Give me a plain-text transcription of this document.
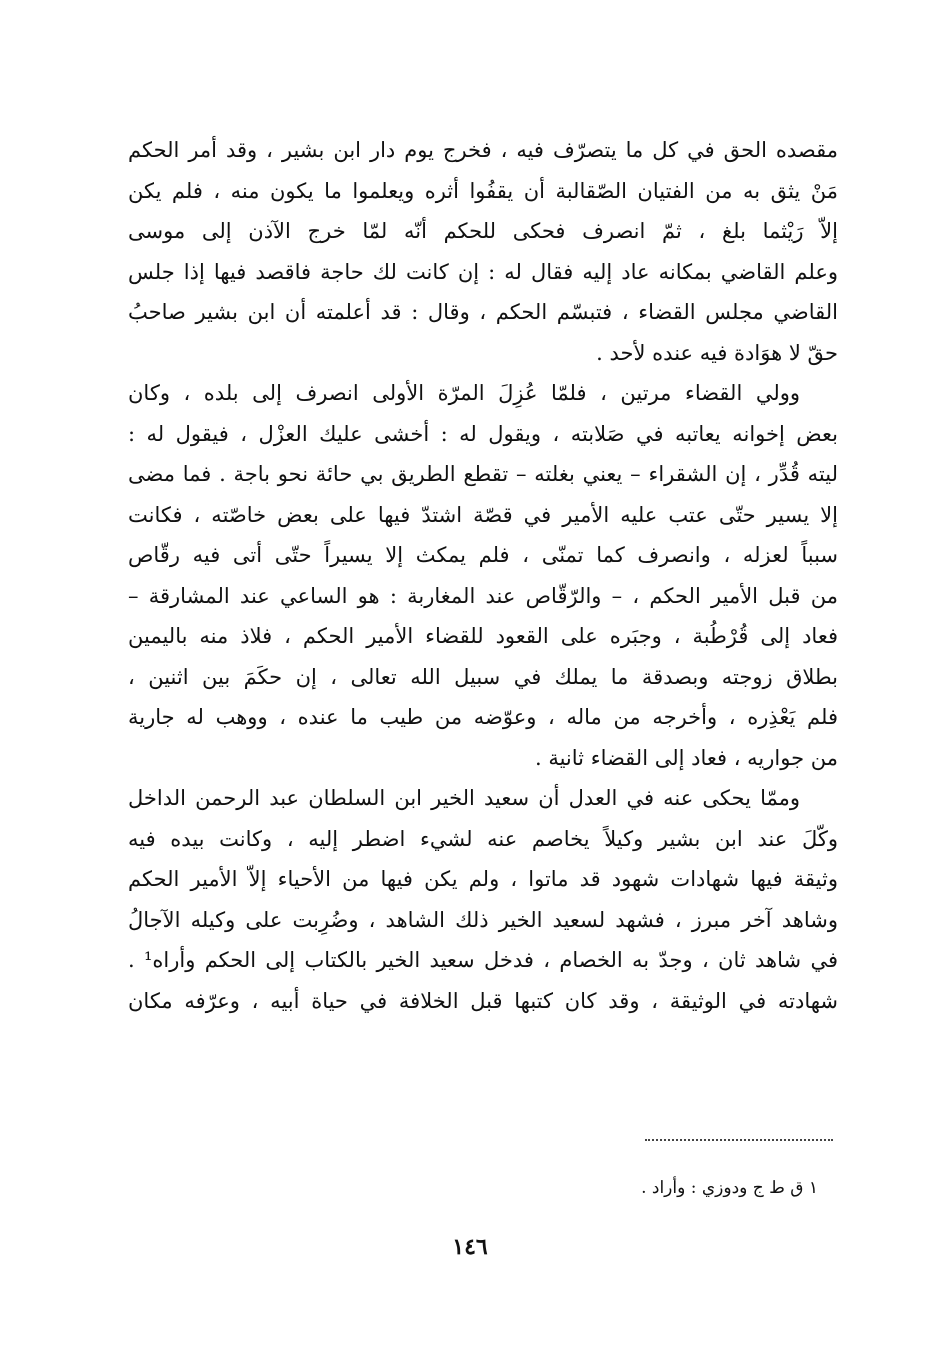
مقصده الحق في كل ما يتصرّف فيه ، فخرج يوم دار ابن بشير ، وقد أمر الحكم
مَنْ يثق به من الفتيان الصّقالبة أن يقفُوا أثره ويعلموا ما يكون منه ، فلم يكن
إلاّ رَيْثما بلغ ، ثمّ انصرف فحكى للحكم أنّه لمّا خرج الآذن إلى موسى
وعلم القاضي بمكانه عاد إليه فقال له : إن كانت لك حاجة فاقصد فيها إذا جلس
القاضي مجلس القضاء ، فتبسّم الحكم ، وقال : قد أعلمته أن ابن بشير صاحبُ
حقّ لا هوَادة فيه عنده لأحد .
وولي القضاء مرتين ، فلمّا عُزِلَ المرّة الأولى انصرف إلى بلده ، وكان
بعض إخوانه يعاتبه في صَلابته ، ويقول له : أخشى عليك العزْل ، فيقول له :
ليته قُدِّر ، إن الشقراء – يعني بغلته – تقطع الطريق بي حائة نحو باجة . فما مضى
إلا يسير حتّى عتب عليه الأمير في قصّة اشتدّ فيها على بعض خاصّته ، فكانت
سبباً لعزله ، وانصرف كما تمنّى ، فلم يمكث إلا يسيراً حتّى أتى فيه رقّاص
من قبل الأمير الحكم ، – والرّقّاص عند المغاربة : هو الساعي عند المشارقة –
فعاد إلى قُرْطُبة ، وجبَره على القعود للقضاء الأمير الحكم ، فلاذ منه باليمين
بطلاق زوجته وبصدقة ما يملك في سبيل الله تعالى ، إن حكَمَ بين اثنين ،
فلم يَعْذِره ، وأخرجه من ماله ، وعوّضه من طيب ما عنده ، ووهب له جارية
من جواريه ، فعاد إلى القضاء ثانية .
وممّا يحكى عنه في العدل أن سعيد الخير ابن السلطان عبد الرحمن الداخل
وكّلَ عند ابن بشير وكيلاً يخاصم عنه لشيء اضطر إليه ، وكانت بيده فيه
وثيقة فيها شهادات شهود قد ماتوا ، ولم يكن فيها من الأحياء إلاّ الأمير الحكم
وشاهد آخر مبرز ، فشهد لسعيد الخير ذلك الشاهد ، وضُرِبت على وكيله الآجالُ
في شاهد ثان ، وجدّ به الخصام ، فدخل سعيد الخير بالكتاب إلى الحكم وأراه¹ .
شهادته في الوثيقة ، وقد كان كتبها قبل الخلافة في حياة أبيه ، وعرّفه مكان
١ ق ط ج ودوزي : وأراد .
١٤٦
